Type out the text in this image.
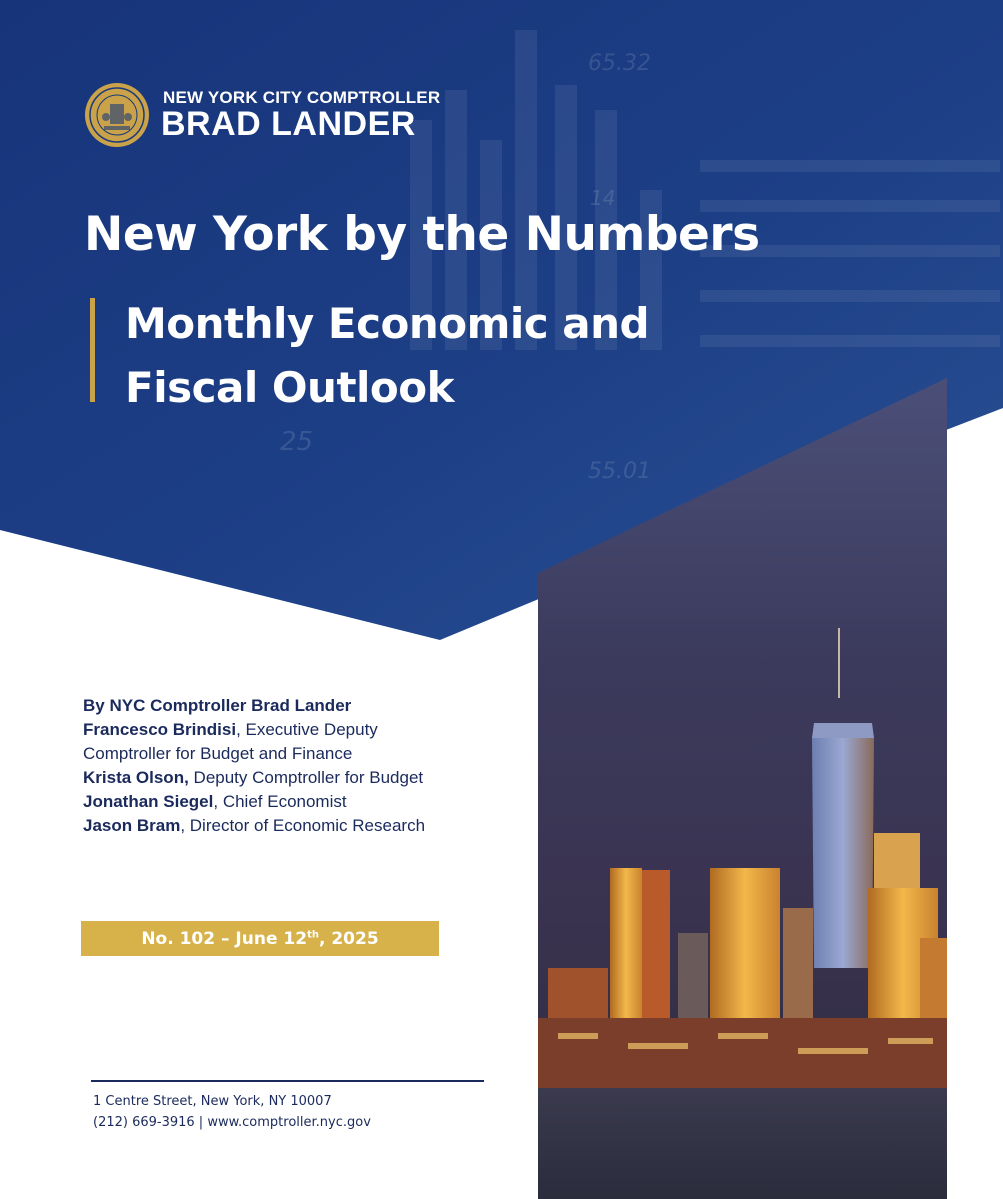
65.32
14
25
55.01
NEW YORK CITY COMPTROLLER
BRAD LANDER
New York by the Numbers
Monthly Economic and
Fiscal Outlook
By NYC Comptroller Brad Lander
Francesco Brindisi, Executive Deputy Comptroller for Budget and Finance
Krista Olson, Deputy Comptroller for Budget
Jonathan Siegel, Chief Economist
Jason Bram, Director of Economic Research
No. 102 – June 12th, 2025
1 Centre Street, New York, NY 10007
(212) 669-3916 | www.comptroller.nyc.gov
